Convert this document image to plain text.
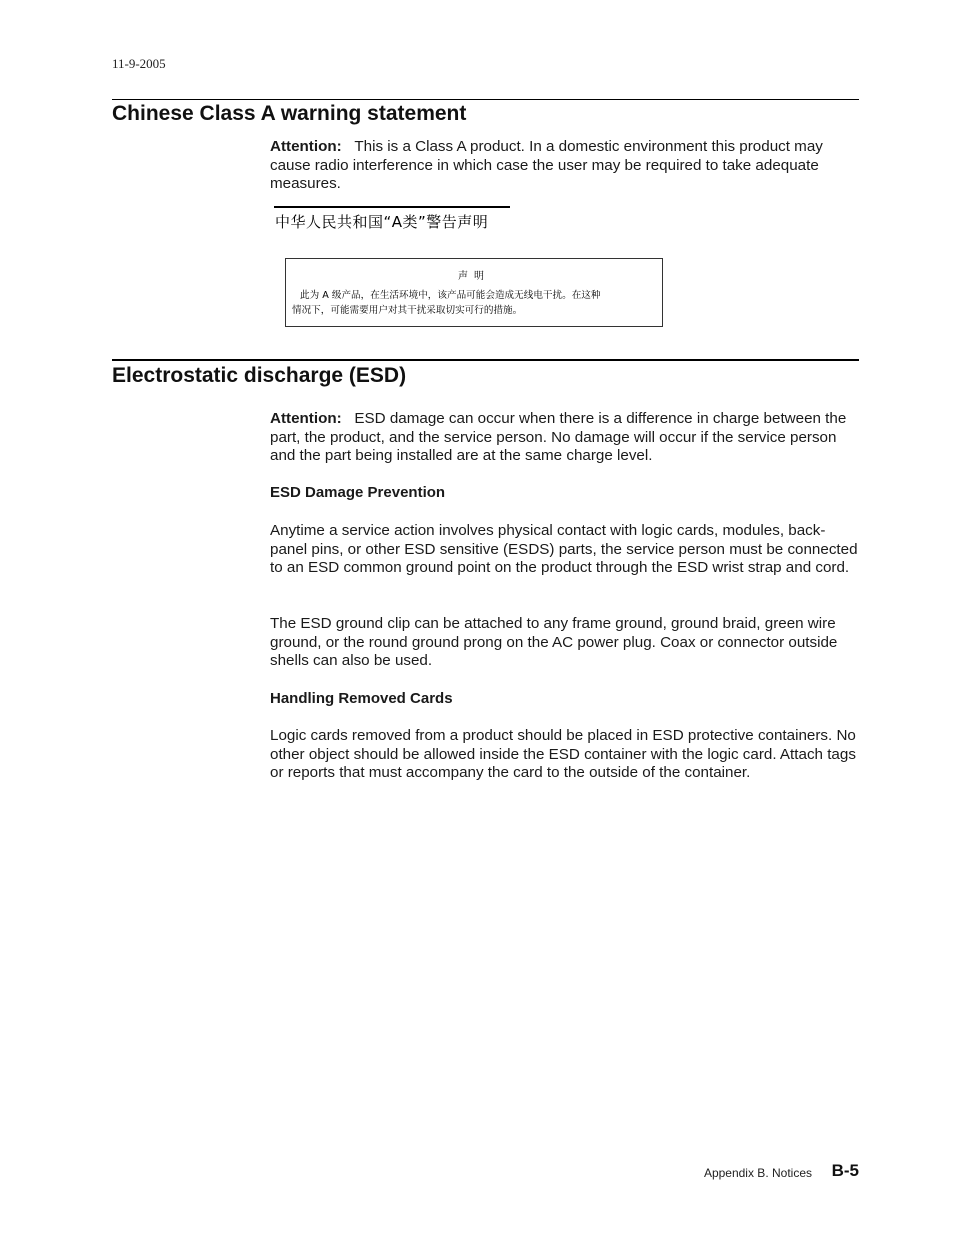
11-9-2005
Chinese Class A warning statement

Attention: This is a Class A product. In a domestic environment this product may cause radio interference in which case the user may be required to take adequate measures.

中华人民共和国“A类”警告声明
声明
此为 A 级产品，在生活环境中，该产品可能会造成无线电干扰。在这种
情况下，可能需要用户对其干扰采取切实可行的措施。
Electrostatic discharge (ESD)

Attention: ESD damage can occur when there is a difference in charge between the part, the product, and the service person. No damage will occur if the service person and the part being installed are at the same charge level.

ESD Damage Prevention

Anytime a service action involves physical contact with logic cards, modules, back-panel pins, or other ESD sensitive (ESDS) parts, the service person must be connected to an ESD common ground point on the product through the ESD wrist strap and cord.

The ESD ground clip can be attached to any frame ground, ground braid, green wire ground, or the round ground prong on the AC power plug. Coax or connector outside shells can also be used.

Handling Removed Cards

Logic cards removed from a product should be placed in ESD protective containers. No other object should be allowed inside the ESD container with the logic card. Attach tags or reports that must accompany the card to the outside of the container.

Appendix B. Notices B-5
